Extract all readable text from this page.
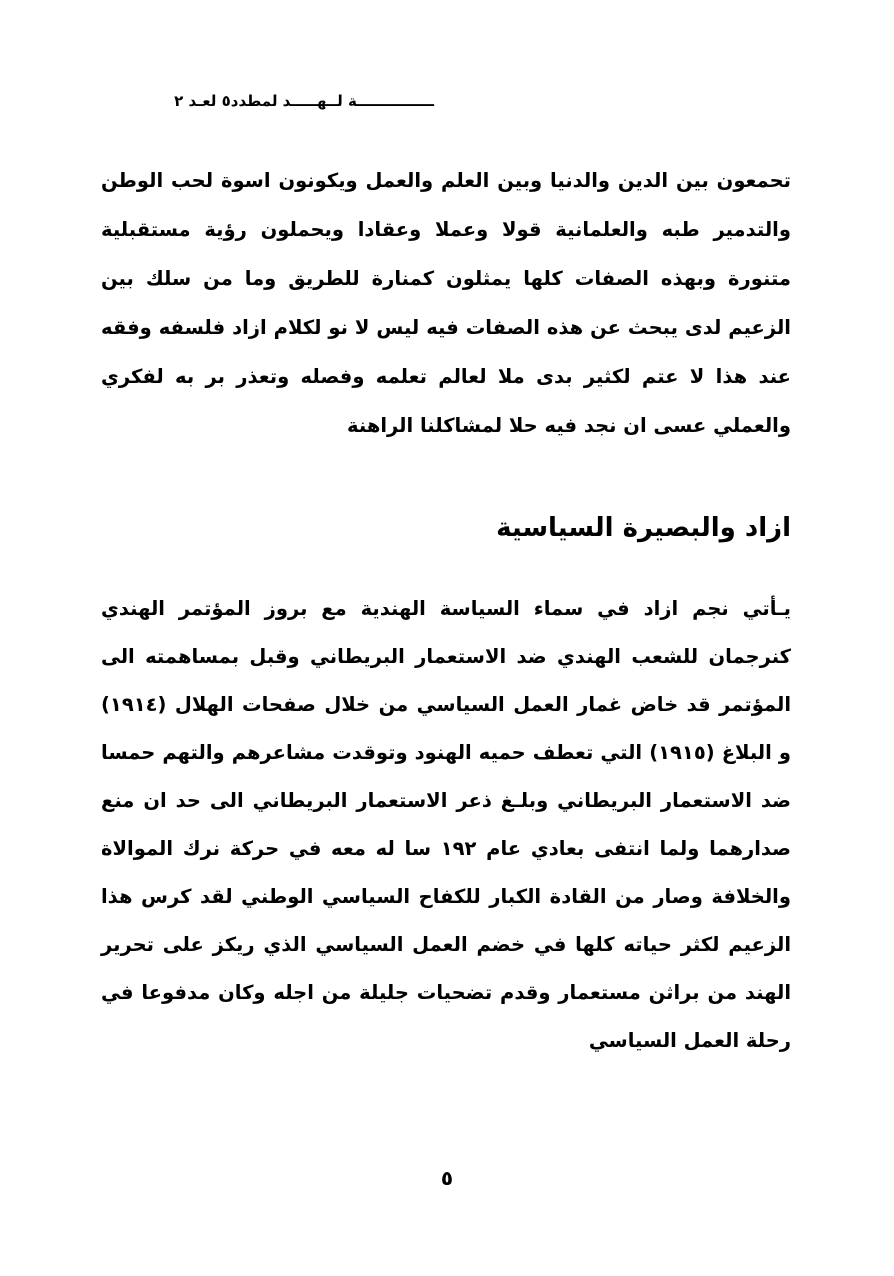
ـــــــــــــــة لــهـــــد لمطدد٥ لعـد ٢

تحمعون بين الدين والدنيا وبين العلم والعمل ويكونون اسوة لحب الوطن والتدمير طبه والعلمانية قولا وعملا وعقادا ويحملون رؤية مستقبلية متنورة وبهذه الصفات كلها يمثلون كمنارة للطريق وما من سلك بين الزعيم لدى يبحث عن هذه الصفات فيه ليس لا نو لكلام ازاد فلسفه وفقه عند هذا لا عتم لكثير بدى ملا لعالم تعلمه وفصله وتعذر بر به لفكري والعملي عسى ان نجد فيه حلا لمشاكلنا الراهنة

ازاد والبصيرة السياسية

يـأتي نجم ازاد في سماء السياسة الهندية مع بروز المؤتمر الهندي كنرجمان للشعب الهندي ضد الاستعمار البريطاني وقبل بمساهمته الى المؤتمر قد خاض غمار العمل السياسي من خلال صفحات الهلال (١٩١٤) و البلاغ (١٩١٥) التي تعطف حميه الهنود وتوقدت مشاعرهم والتهم حمسا ضد الاستعمار البريطاني وبلـغ ذعر الاستعمار البريطاني الى حد ان منع صدارهما ولما انتفى بعادي عام ١٩٢ سا له معه في حركة نرك الموالاة والخلافة وصار من القادة الكبار للكفاح السياسي الوطني لقد كرس هذا الزعيم لكثر حياته كلها في خضم العمل السياسي الذي ريكز على تحرير الهند من براثن مستعمار وقدم تضحيات جليلة من اجله وكان مدفوعا في رحلة العمل السياسي

٥
